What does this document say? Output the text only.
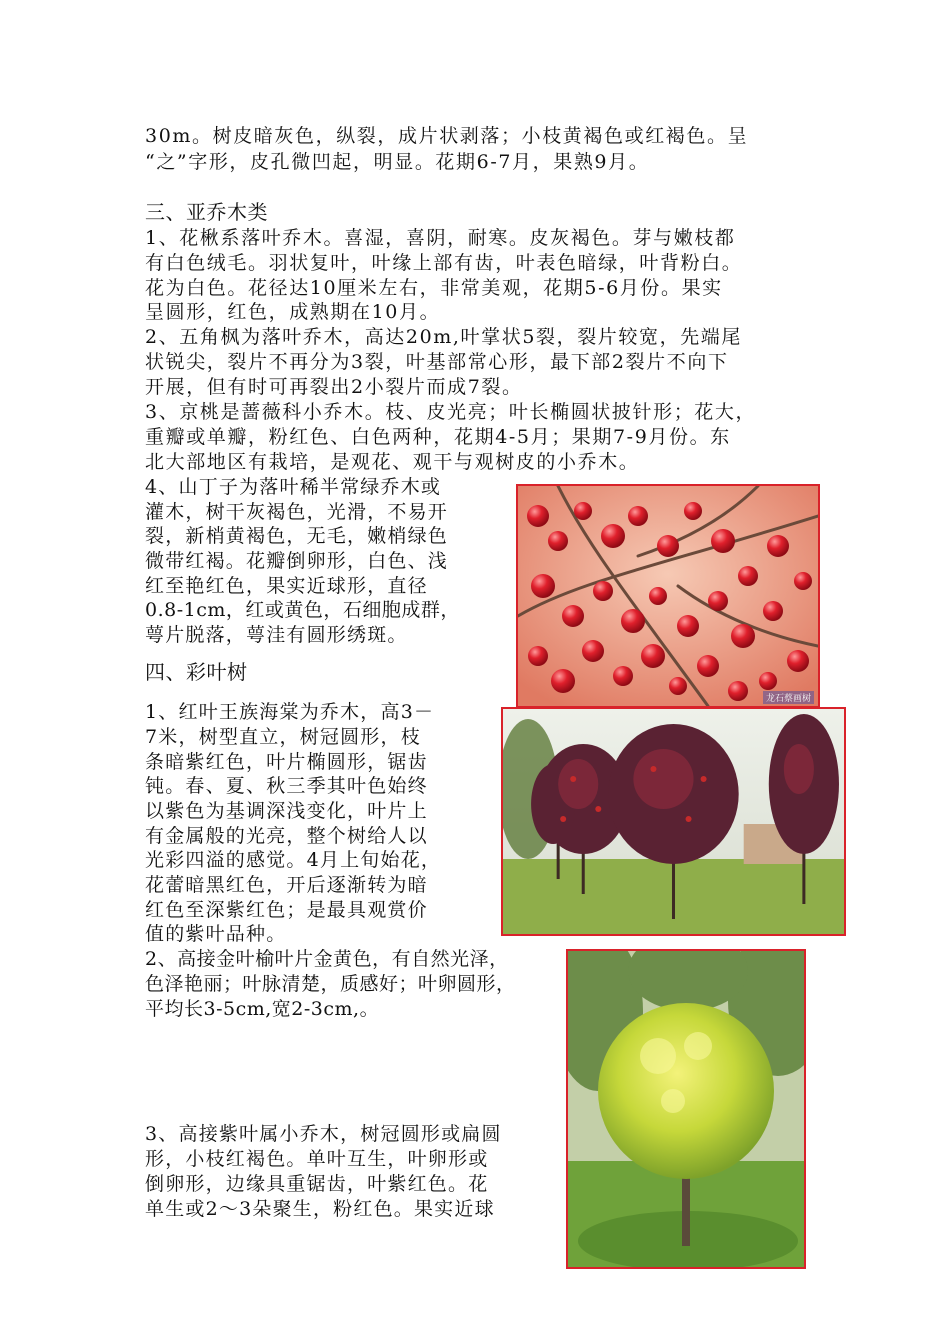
30m。树皮暗灰色，纵裂，成片状剥落；小枝黄褐色或红褐色。呈
“之”字形，皮孔微凹起，明显。花期6-7月，果熟9月。
三、亚乔木类
1、花楸系落叶乔木。喜湿，喜阴，耐寒。皮灰褐色。芽与嫩枝都
有白色绒毛。羽状复叶，叶缘上部有齿，叶表色暗绿，叶背粉白。
花为白色。花径达10厘米左右，非常美观，花期5-6月份。果实
呈圆形，红色，成熟期在10月。
2、五角枫为落叶乔木，高达20m,叶掌状5裂，裂片较宽，先端尾
状锐尖，裂片不再分为3裂，叶基部常心形，最下部2裂片不向下
开展，但有时可再裂出2小裂片而成7裂。
3、京桃是蔷薇科小乔木。枝、皮光亮；叶长椭圆状披针形；花大，
重瓣或单瓣，粉红色、白色两种，花期4-5月；果期7-9月份。东
北大部地区有栽培，是观花、观干与观树皮的小乔木。
4、山丁子为落叶稀半常绿乔木或
灌木，树干灰褐色，光滑，不易开
裂，新梢黄褐色，无毛，嫩梢绿色
微带红褐。花瓣倒卵形，白色、浅
红至艳红色，果实近球形，直径
0.8-1cm，红或黄色，石细胞成群，
萼片脱落，萼洼有圆形绣斑。
四、彩叶树
1、红叶王族海棠为乔木，高3－
7米，树型直立，树冠圆形，枝
条暗紫红色，叶片椭圆形，锯齿
钝。春、夏、秋三季其叶色始终
以紫色为基调深浅变化，叶片上
有金属般的光亮，整个树给人以
光彩四溢的感觉。4月上旬始花，
花蕾暗黑红色，开后逐渐转为暗
红色至深紫红色；是最具观赏价
值的紫叶品种。
2、高接金叶榆叶片金黄色，有自然光泽，
色泽艳丽；叶脉清楚，质感好；叶卵圆形，
平均长3-5cm,宽2-3cm,。
3、高接紫叶属小乔木，树冠圆形或扁圆
形，小枝红褐色。单叶互生，叶卵形或
倒卵形，边缘具重锯齿，叶紫红色。花
单生或2～3朵聚生，粉红色。果实近球
龙石蔡画树
